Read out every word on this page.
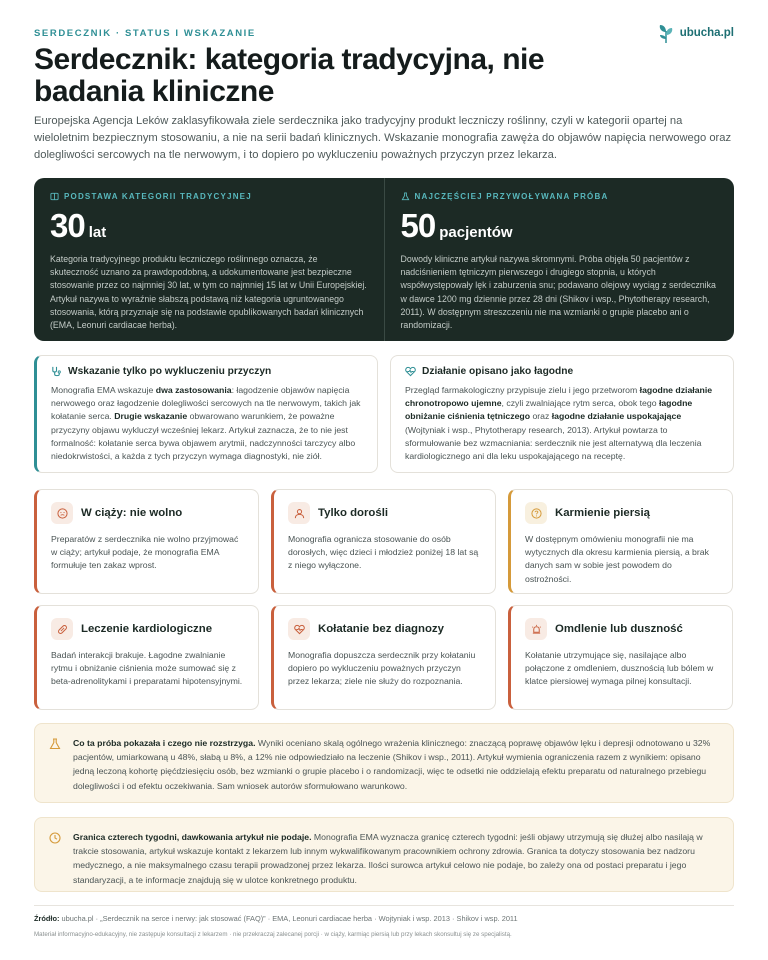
SERDECZNIK · STATUS I WSKAZANIE	ubucha.pl
Serdecznik: kategoria tradycyjna, nie badania kliniczne

Europejska Agencja Leków zaklasyfikowała ziele serdecznika jako tradycyjny produkt leczniczy roślinny, czyli w kategorii opartej na wieloletnim bezpiecznym stosowaniu, a nie na serii badań klinicznych. Wskazanie monografia zawęża do objawów napięcia nerwowego oraz dolegliwości sercowych na tle nerwowym, i to dopiero po wykluczeniu poważnych przyczyn przez lekarza.

PODSTAWA KATEGORII TRADYCYJNEJ
30 lat

Kategoria tradycyjnego produktu leczniczego roślinnego oznacza, że skuteczność uznano za prawdopodobną, a udokumentowane jest bezpieczne stosowanie przez co najmniej 30 lat, w tym co najmniej 15 lat w Unii Europejskiej. Artykuł nazywa to wyraźnie słabszą podstawą niż kategoria ugruntowanego stosowania, którą przyznaje się na podstawie opublikowanych badań klinicznych (EMA, Leonuri cardiacae herba).

NAJCZĘŚCIEJ PRZYWOŁYWANA PRÓBA
50 pacjentów

Dowody kliniczne artykuł nazywa skromnymi. Próba objęła 50 pacjentów z nadciśnieniem tętniczym pierwszego i drugiego stopnia, u których współwystępowały lęk i zaburzenia snu; podawano olejowy wyciąg z serdecznika w dawce 1200 mg dziennie przez 28 dni (Shikov i wsp., Phytotherapy research, 2011). W dostępnym streszczeniu nie ma wzmianki o grupie placebo ani o randomizacji.

Wskazanie tylko po wykluczeniu przyczyn

Monografia EMA wskazuje dwa zastosowania: łagodzenie objawów napięcia nerwowego oraz łagodzenie dolegliwości sercowych na tle nerwowym, takich jak kołatanie serca. Drugie wskazanie obwarowano warunkiem, że poważne przyczyny objawu wykluczył wcześniej lekarz. Artykuł zaznacza, że to nie jest formalność: kołatanie serca bywa objawem arytmii, nadczynności tarczycy albo niedokrwistości, a każda z tych przyczyn wymaga diagnostyki, nie ziół.

Działanie opisano jako łagodne

Przegląd farmakologiczny przypisuje zielu i jego przetworom łagodne działanie chronotropowo ujemne, czyli zwalniające rytm serca, obok tego łagodne obniżanie ciśnienia tętniczego oraz łagodne działanie uspokajające (Wojtyniak i wsp., Phytotherapy research, 2013). Artykuł powtarza to sformułowanie bez wzmacniania: serdecznik nie jest alternatywą dla leczenia kardiologicznego ani dla leku uspokajającego na receptę.

W ciąży: nie wolno

Preparatów z serdecznika nie wolno przyjmować w ciąży; artykuł podaje, że monografia EMA formułuje ten zakaz wprost.

Tylko dorośli

Monografia ogranicza stosowanie do osób dorosłych, więc dzieci i młodzież poniżej 18 lat są z niego wyłączone.

Karmienie piersią

W dostępnym omówieniu monografii nie ma wytycznych dla okresu karmienia piersią, a brak danych sam w sobie jest powodem do ostrożności.

Leczenie kardiologiczne

Badań interakcji brakuje. Łagodne zwalnianie rytmu i obniżanie ciśnienia może sumować się z beta-adrenolitykami i preparatami hipotensyjnymi.

Kołatanie bez diagnozy

Monografia dopuszcza serdecznik przy kołataniu dopiero po wykluczeniu poważnych przyczyn przez lekarza; ziele nie służy do rozpoznania.

Omdlenie lub duszność

Kołatanie utrzymujące się, nasilające albo połączone z omdleniem, dusznością lub bólem w klatce piersiowej wymaga pilnej konsultacji.

Co ta próba pokazała i czego nie rozstrzyga. Wyniki oceniano skalą ogólnego wrażenia klinicznego: znaczącą poprawę objawów lęku i depresji odnotowano u 32% pacjentów, umiarkowaną u 48%, słabą u 8%, a 12% nie odpowiedziało na leczenie (Shikov i wsp., 2011). Artykuł wymienia ograniczenia razem z wynikiem: opisano jedną leczoną kohortę pięćdziesięciu osób, bez wzmianki o grupie placebo i o randomizacji, więc te odsetki nie oddzielają efektu preparatu od naturalnego przebiegu dolegliwości i od efektu oczekiwania. Sam wniosek autorów sformułowano warunkowo.

Granica czterech tygodni, dawkowania artykuł nie podaje. Monografia EMA wyznacza granicę czterech tygodni: jeśli objawy utrzymują się dłużej albo nasilają w trakcie stosowania, artykuł wskazuje kontakt z lekarzem lub innym wykwalifikowanym pracownikiem ochrony zdrowia. Granica ta dotyczy stosowania bez nadzoru medycznego, a nie maksymalnego czasu terapii prowadzonej przez lekarza. Ilości surowca artykuł celowo nie podaje, bo zależy ona od postaci preparatu i jego standaryzacji, a te informacje znajdują się w ulotce konkretnego produktu.

Źródło: ubucha.pl · „Serdecznik na serce i nerwy: jak stosować (FAQ)” · EMA, Leonuri cardiacae herba · Wojtyniak i wsp. 2013 · Shikov i wsp. 2011

Materiał informacyjno-edukacyjny, nie zastępuje konsultacji z lekarzem · nie przekraczaj zalecanej porcji · w ciąży, karmiąc piersią lub przy lekach skonsultuj się ze specjalistą.
